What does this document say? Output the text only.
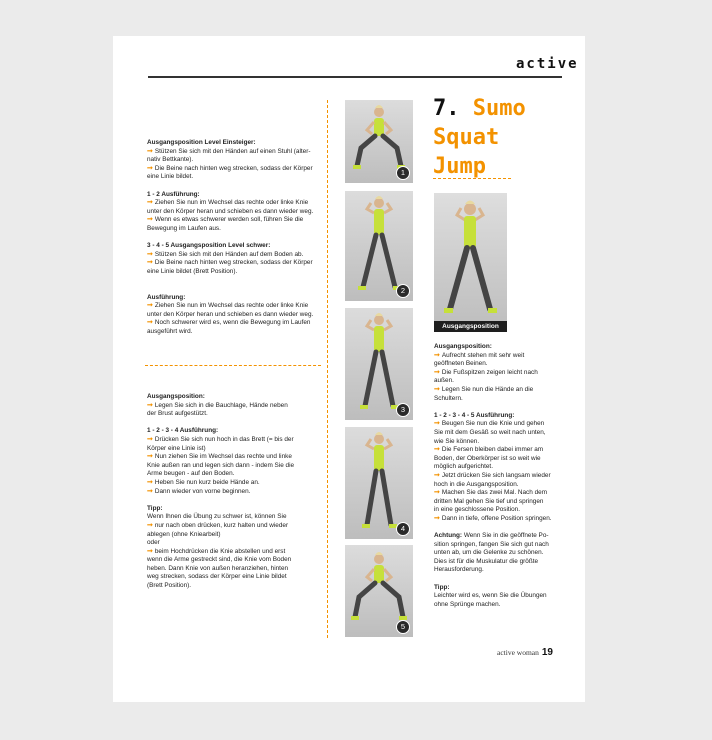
active
Ausgangsposition Level Einsteiger:
➞ Stützen Sie sich mit den Händen auf einen Stuhl (alter-
nativ Bettkante).
➞ Die Beine nach hinten weg strecken, sodass der Körper
eine Linie bildet.

1 - 2 Ausführung:
➞ Ziehen Sie nun im Wechsel das rechte oder linke Knie
unter den Körper heran und schieben es dann wieder weg.
➞ Wenn es etwas schwerer werden soll, führen Sie die
Bewegung im Laufen aus.

3 - 4 - 5 Ausgangsposition Level schwer:
➞ Stützen Sie sich mit den Händen auf dem Boden ab.
➞ Die Beine nach hinten weg strecken, sodass der Körper
eine Linie bildet (Brett Position).

Ausführung:
➞ Ziehen Sie nun im Wechsel das rechte oder linke Knie
unter den Körper heran und schieben es dann wieder weg.
➞ Noch schwerer wird es, wenn die Bewegung im Laufen
ausgeführt wird.
Ausgangsposition:
➞ Legen Sie sich in die Bauchlage, Hände neben
der Brust aufgestützt.

1 - 2 - 3 - 4 Ausführung:
➞ Drücken Sie sich nun hoch in das Brett (= bis der
Körper eine Linie ist)
➞ Nun ziehen Sie im Wechsel das rechte und linke
Knie außen ran und legen sich dann - indem Sie die
Arme beugen - auf den Boden.
➞ Heben Sie nun kurz beide Hände an.
➞ Dann wieder von vorne beginnen.

Tipp:
Wenn Ihnen die Übung zu schwer ist, können Sie
➞ nur nach oben drücken, kurz halten und wieder
ablegen (ohne Kniearbeit)
oder
➞ beim Hochdrücken die Knie abstellen und erst
wenn die Arme gestreckt sind, die Knie vom Boden
heben. Dann Knie von außen heranziehen, hinten
weg strecken, sodass der Körper eine Linie bildet
(Brett Position).
1
2
3
4
5
7. Sumo
Squat
Jump
Ausgangsposition
Ausgangsposition:
➞ Aufrecht stehen mit sehr weit
geöffneten Beinen.
➞ Die Fußspitzen zeigen leicht nach
außen.
➞ Legen Sie nun die Hände an die
Schultern.

1 - 2 - 3 - 4 - 5 Ausführung:
➞ Beugen Sie nun die Knie und gehen
Sie mit dem Gesäß so weit nach unten,
wie Sie können.
➞ Die Fersen bleiben dabei immer am
Boden, der Oberkörper ist so weit wie
möglich aufgerichtet.
➞ Jetzt drücken Sie sich langsam wieder
hoch in die Ausgangsposition.
➞ Machen Sie das zwei Mal. Nach dem
dritten Mal gehen Sie tief und springen
in eine geschlossene Position.
➞ Dann in tiefe, offene Position springen.

Achtung: Wenn Sie in die geöffnete Po-
sition springen, fangen Sie sich gut nach
unten ab, um die Gelenke zu schönen.
Dies ist für die Muskulatur die größte
Herausforderung.

Tipp:
Leichter wird es, wenn Sie die Übungen
ohne Sprünge machen.
active woman 19
